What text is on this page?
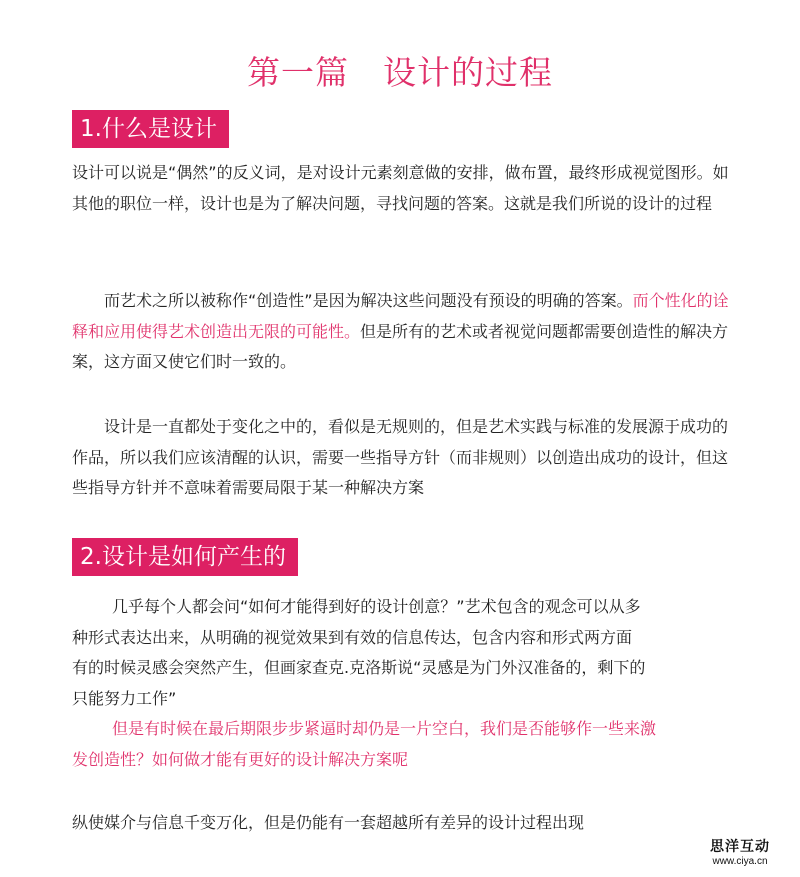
第一篇 设计的过程
1.什么是设计

设计可以说是“偶然”的反义词，是对设计元素刻意做的安排，做布置，最终形成视觉图形。如其他的职位一样，设计也是为了解决问题，寻找问题的答案。这就是我们所说的设计的过程

而艺术之所以被称作“创造性”是因为解决这些问题没有预设的明确的答案。而个性化的诠释和应用使得艺术创造出无限的可能性。但是所有的艺术或者视觉问题都需要创造性的解决方案，这方面又使它们时一致的。

设计是一直都处于变化之中的，看似是无规则的，但是艺术实践与标准的发展源于成功的作品，所以我们应该清醒的认识，需要一些指导方针（而非规则）以创造出成功的设计，但这些指导方针并不意味着需要局限于某一种解决方案

2.设计是如何产生的
几乎每个人都会问“如何才能得到好的设计创意？”艺术包含的观念可以从多
种形式表达出来，从明确的视觉效果到有效的信息传达，包含内容和形式两方面
有的时候灵感会突然产生，但画家查克.克洛斯说“灵感是为门外汉准备的，剩下的
只能努力工作”
但是有时候在最后期限步步紧逼时却仍是一片空白，我们是否能够作一些来激
发创造性？如何做才能有更好的设计解决方案呢

纵使媒介与信息千变万化，但是仍能有一套超越所有差异的设计过程出现

思洋互动
www.ciya.cn
